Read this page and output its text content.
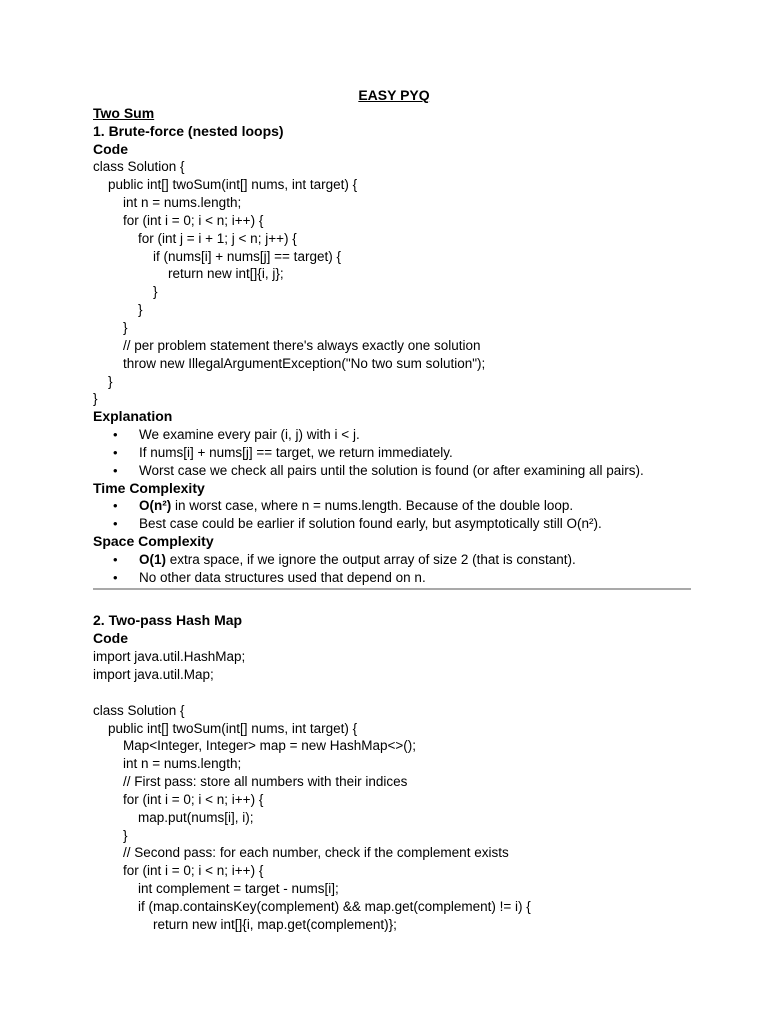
EASY PYQ
Two Sum
1. Brute-force (nested loops)
Code
class Solution {
public int[] twoSum(int[] nums, int target) {
int n = nums.length;
for (int i = 0; i < n; i++) {
for (int j = i + 1; j < n; j++) {
if (nums[i] + nums[j] == target) {
return new int[]{i, j};
}
}
}
// per problem statement there's always exactly one solution
throw new IllegalArgumentException("No two sum solution");
}
}
Explanation
• We examine every pair (i, j) with i < j.
• If nums[i] + nums[j] == target, we return immediately.
• Worst case we check all pairs until the solution is found (or after examining all pairs).
Time Complexity
• O(n²) in worst case, where n = nums.length. Because of the double loop.
• Best case could be earlier if solution found early, but asymptotically still O(n²).
Space Complexity
• O(1) extra space, if we ignore the output array of size 2 (that is constant).
• No other data structures used that depend on n.
2. Two-pass Hash Map
Code
import java.util.HashMap;
import java.util.Map;

class Solution {
public int[] twoSum(int[] nums, int target) {
Map<Integer, Integer> map = new HashMap<>();
int n = nums.length;
// First pass: store all numbers with their indices
for (int i = 0; i < n; i++) {
map.put(nums[i], i);
}
// Second pass: for each number, check if the complement exists
for (int i = 0; i < n; i++) {
int complement = target - nums[i];
if (map.containsKey(complement) && map.get(complement) != i) {
return new int[]{i, map.get(complement)};
